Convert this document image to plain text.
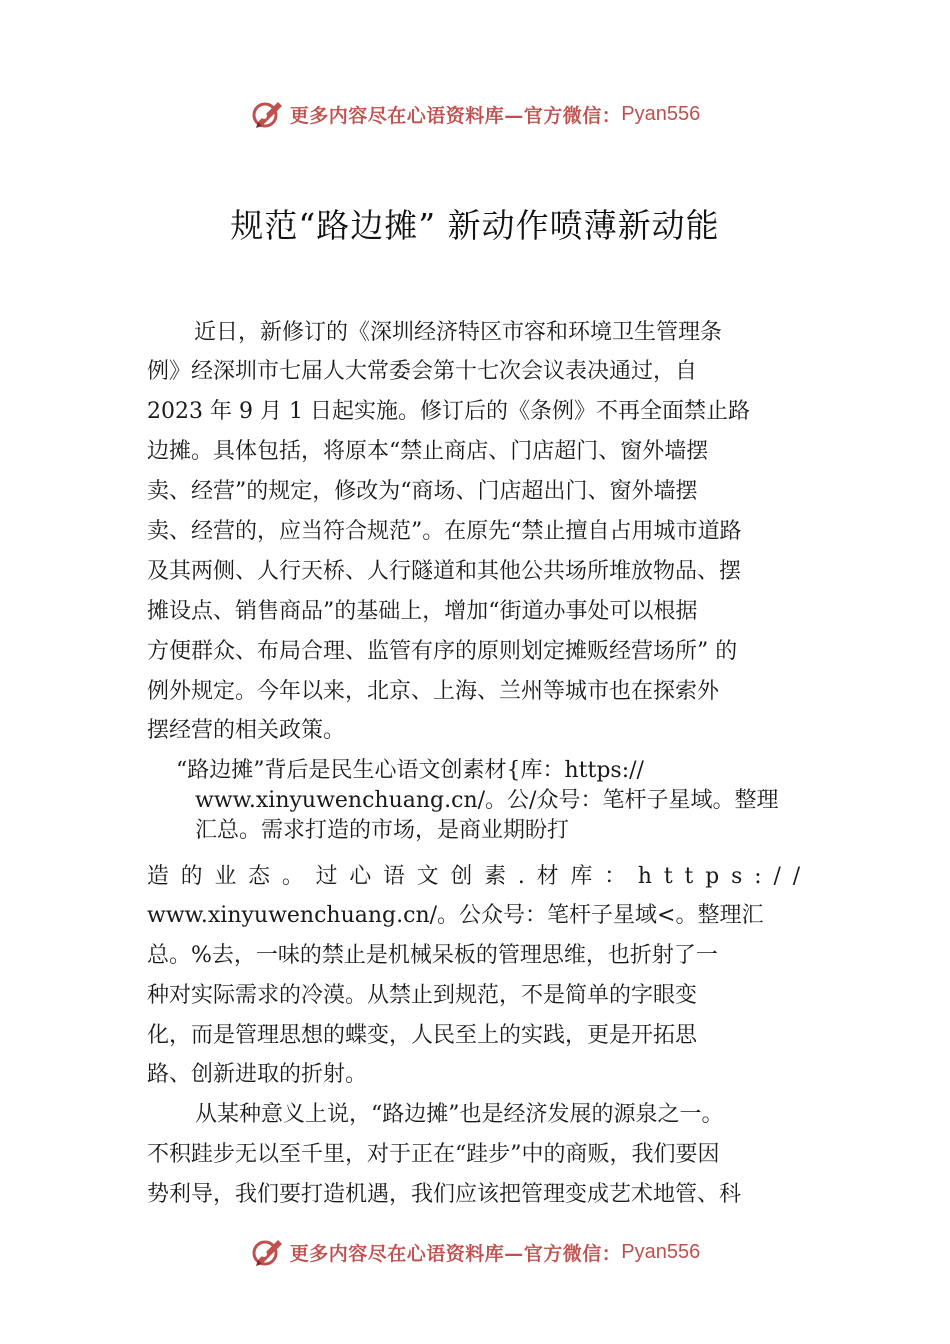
更多内容尽在心语资料库—官方微信： Pyan556
规范“路边摊” 新动作喷薄新动能
近日，新修订的《深圳经济特区市容和环境卫生管理条
例》经深圳市七届人大常委会第十七次会议表决通过，自
2023 年 9 月 1 日起实施。修订后的《条例》不再全面禁止路
边摊。具体包括，将原本“禁止商店、门店超门、窗外墙摆
卖、经营”的规定，修改为“商场、门店超出门、窗外墙摆
卖、经营的，应当符合规范”。在原先“禁止擅自占用城市道路
及其两侧、人行天桥、人行隧道和其他公共场所堆放物品、摆
摊设点、销售商品”的基础上，增加“街道办事处可以根据
方便群众、布局合理、监管有序的原则划定摊贩经营场所” 的
例外规定。今年以来，北京、上海、兰州等城市也在探索外
摆经营的相关政策。
“路边摊”背后是民生心语文创素材{库：https://
www.xinyuwenchuang.cn/。公/众号：笔杆子星域。整理
汇总。需求打造的市场，是商业期盼打
造的业态。过心语文创素.材库：https://
www.xinyuwenchuang.cn/。公众号：笔杆子星域<。整理汇
总。%去，一味的禁止是机械呆板的管理思维，也折射了一
种对实际需求的冷漠。从禁止到规范，不是简单的字眼变
化，而是管理思想的蝶变，人民至上的实践，更是开拓思
路、创新进取的折射。
从某种意义上说，“路边摊”也是经济发展的源泉之一。
不积跬步无以至千里，对于正在“跬步”中的商贩，我们要因
势利导，我们要打造机遇，我们应该把管理变成艺术地管、科
更多内容尽在心语资料库—官方微信： Pyan556
